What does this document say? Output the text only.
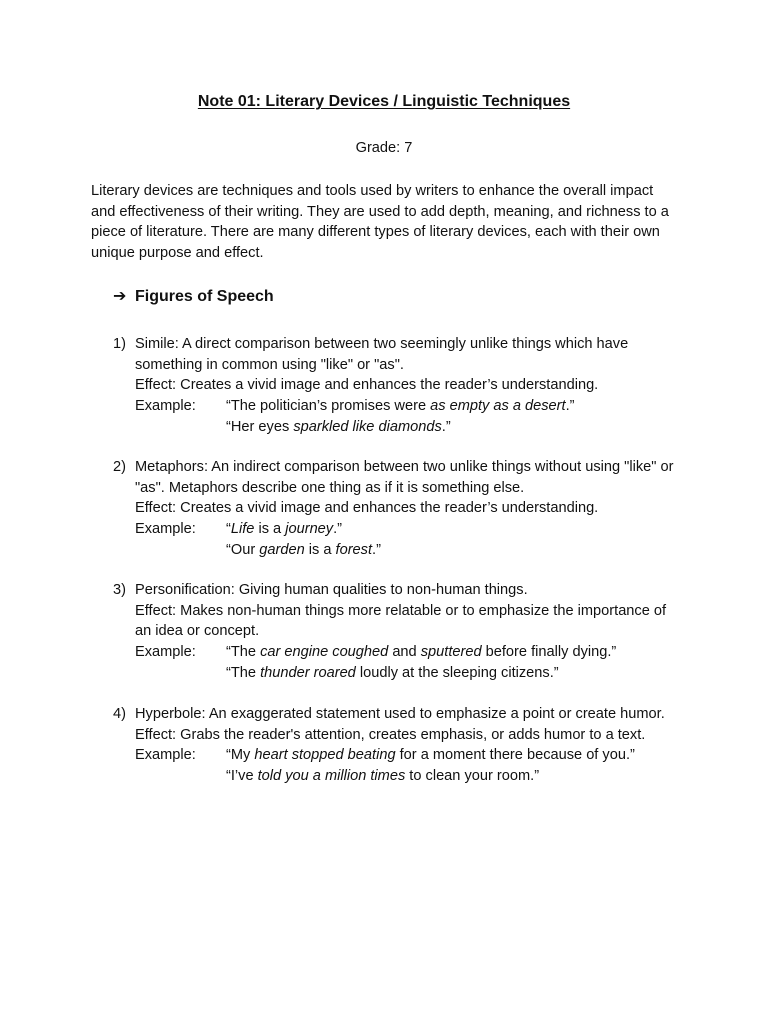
Note 01: Literary Devices / Linguistic Techniques
Grade: 7

Literary devices are techniques and tools used by writers to enhance the overall impact and effectiveness of their writing. They are used to add depth, meaning, and richness to a piece of literature. There are many different types of literary devices, each with their own unique purpose and effect.

➔ Figures of Speech
1) Simile: A direct comparison between two seemingly unlike things which have something in common using "like" or "as".
Effect: Creates a vivid image and enhances the reader’s understanding.
Example: “The politician’s promises were as empty as a desert.”
“Her eyes sparkled like diamonds.”
2) Metaphors: An indirect comparison between two unlike things without using "like" or "as". Metaphors describe one thing as if it is something else.
Effect: Creates a vivid image and enhances the reader’s understanding.
Example: “Life is a journey.”
“Our garden is a forest.”
3) Personification: Giving human qualities to non-human things.
Effect: Makes non-human things more relatable or to emphasize the importance of an idea or concept.
Example: “The car engine coughed and sputtered before finally dying.”
“The thunder roared loudly at the sleeping citizens.”
4) Hyperbole: An exaggerated statement used to emphasize a point or create humor.
Effect: Grabs the reader's attention, creates emphasis, or adds humor to a text.
Example: “My heart stopped beating for a moment there because of you.”
“I’ve told you a million times to clean your room.”
